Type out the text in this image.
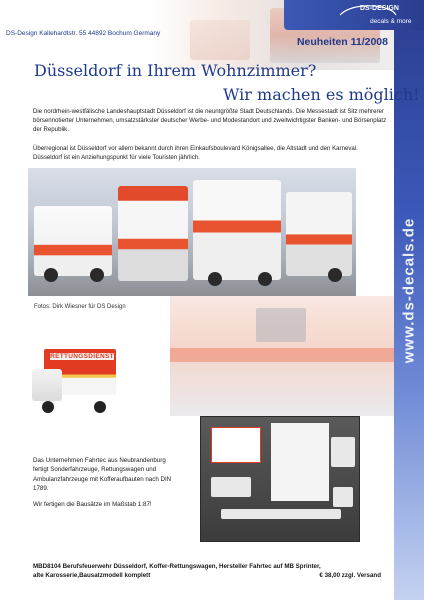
www.ds-decals.de
DS-DESIGN
decals & more
DS-Design Kallehardtstr. 55 44892 Bochum Germany
Neuheiten 11/2008
Düsseldorf in Ihrem Wohnzimmer?
Wir machen es möglich!
Die nordrhein-westfälische Landeshauptstadt Düsseldorf ist die neuntgrößte Stadt Deutschlands. Die Messestadt ist Sitz mehrerer börsennotierter Unternehmen, umsatzstärkster deutscher Werbe- und Modestandort und zweitwichtigster Banken- und Börsenplatz der Republik.
Überregional ist Düsseldorf vor allem bekannt durch ihren Einkaufsboulevard Königsallee, die Altstadt und den Karneval. Düsseldorf ist ein Anziehungspunkt für viele Touristen jährlich.
Fotos: Dirk Wiesner für DS Design
RETTUNGSDIENST

Das Unternehmen Fahrtec aus Neubrandenburg fertigt Sonderfahrzeuge, Rettungswagen und Ambulanzfahrzeuge mit Kofferaufbauten nach DIN 1789.

Wir fertigen die Bausätze im Maßstab 1:87!

MBD8104 Berufsfeuerwehr Düsseldorf, Koffer-Rettungswagen, Hersteller Fahrtec auf MB Sprinter,
alte Karosserie,Bausatzmodell komplett	€ 38,00 zzgl. Versand
